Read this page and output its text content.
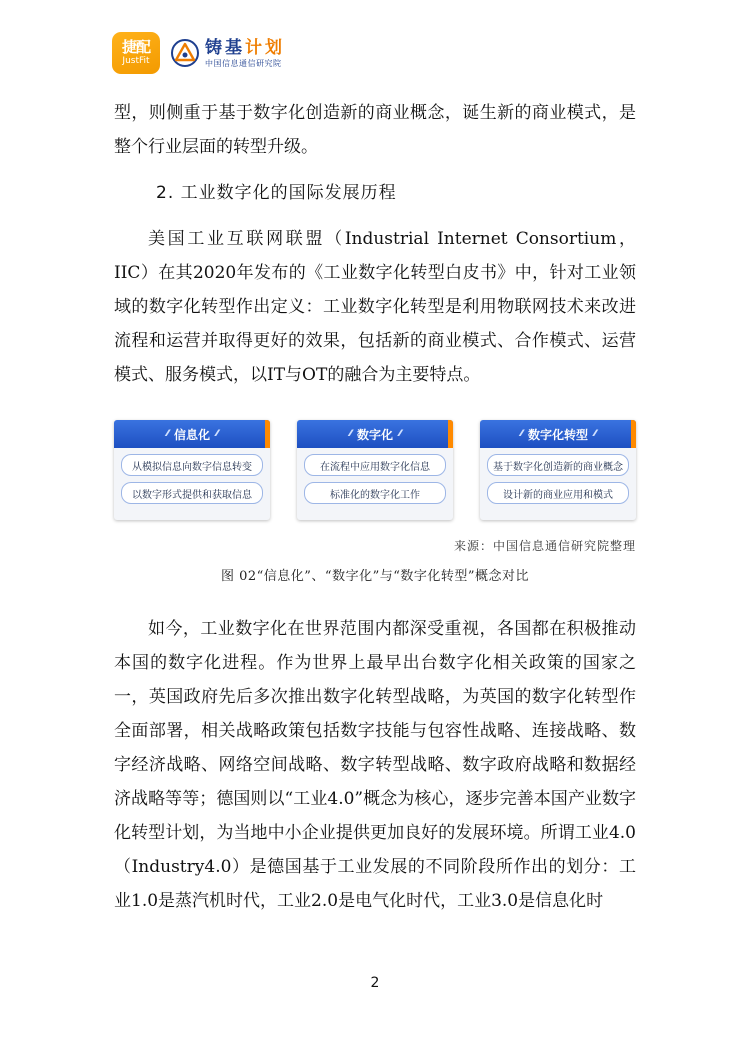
捷配
JustFit
铸基计划
中国信息通信研究院

型，则侧重于基于数字化创造新的商业概念，诞生新的商业模式，是整个行业层面的转型升级。

2. 工业数字化的国际发展历程

美国工业互联网联盟（Industrial Internet Consortium，IIC）在其2020年发布的《工业数字化转型白皮书》中，针对工业领域的数字化转型作出定义：工业数字化转型是利用物联网技术来改进流程和运营并取得更好的效果，包括新的商业模式、合作模式、运营模式、服务模式，以IT与OT的融合为主要特点。

⁄⁄⁄ 信息化 ⁄⁄⁄
从模拟信息向数字信息转变
以数字形式提供和获取信息
⁄⁄⁄ 数字化 ⁄⁄⁄
在流程中应用数字化信息
标准化的数字化工作
⁄⁄⁄ 数字化转型 ⁄⁄⁄
基于数字化创造新的商业概念
设计新的商业应用和模式
来源：中国信息通信研究院整理
图 02“信息化”、“数字化”与“数字化转型”概念对比

如今，工业数字化在世界范围内都深受重视，各国都在积极推动本国的数字化进程。作为世界上最早出台数字化相关政策的国家之一，英国政府先后多次推出数字化转型战略，为英国的数字化转型作全面部署，相关战略政策包括数字技能与包容性战略、连接战略、数字经济战略、网络空间战略、数字转型战略、数字政府战略和数据经济战略等等；德国则以“工业4.0”概念为核心，逐步完善本国产业数字化转型计划，为当地中小企业提供更加良好的发展环境。所谓工业4.0（Industry4.0）是德国基于工业发展的不同阶段所作出的划分：工业1.0是蒸汽机时代，工业2.0是电气化时代，工业3.0是信息化时

2
